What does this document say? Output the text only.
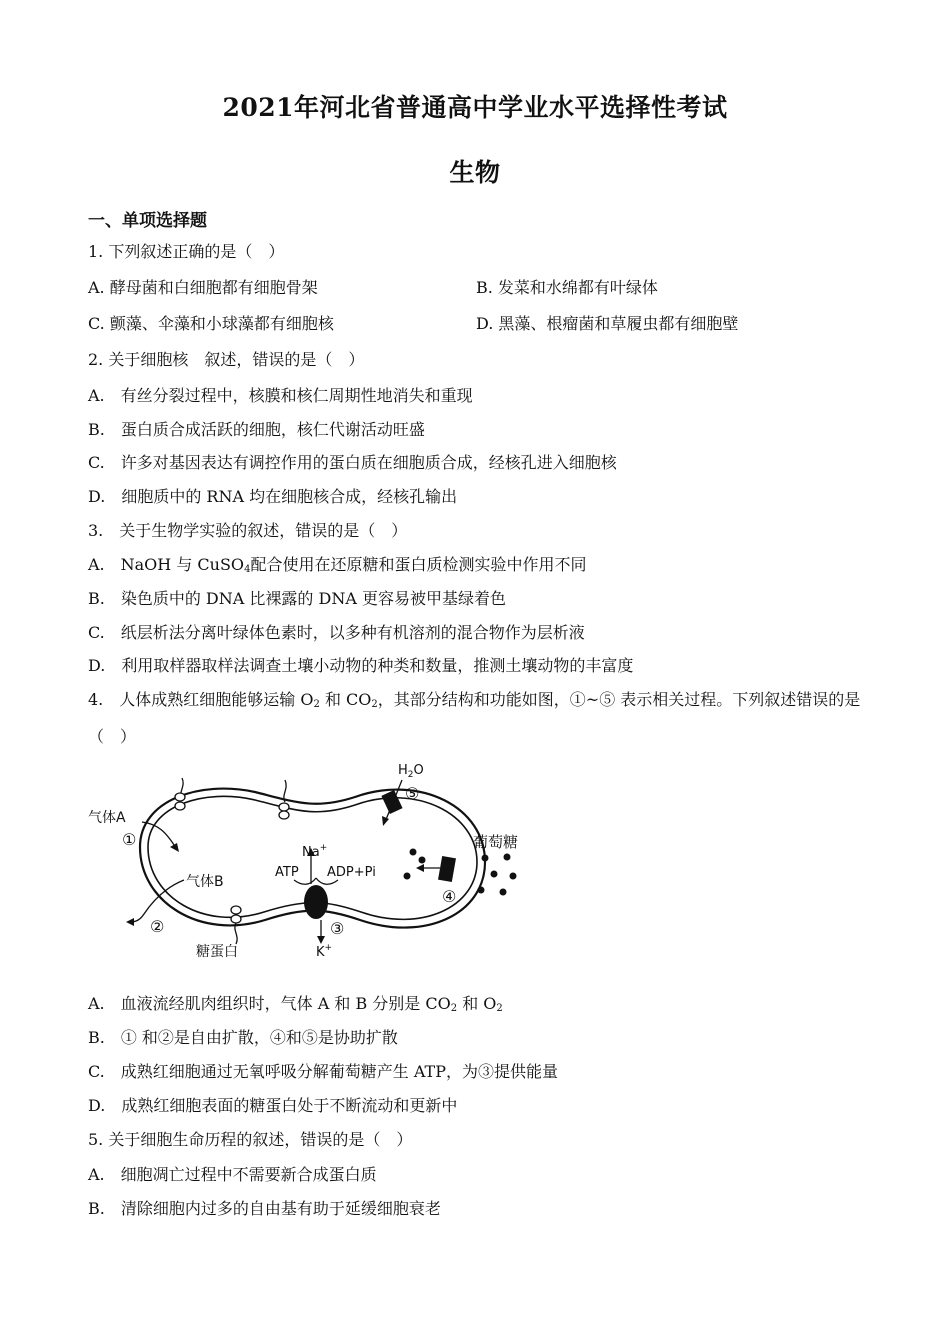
2021年河北省普通高中学业水平选择性考试
生物
一、单项选择题
1. 下列叙述正确的是（　）
A. 酵母菌和白细胞都有细胞骨架	B. 发菜和水绵都有叶绿体
C. 颤藻、伞藻和小球藻都有细胞核	D. 黑藻、根瘤菌和草履虫都有细胞壁
2. 关于细胞核　叙述，错误的是（　）
A.　有丝分裂过程中，核膜和核仁周期性地消失和重现
B.　蛋白质合成活跃的细胞，核仁代谢活动旺盛
C.　许多对基因表达有调控作用的蛋白质在细胞质合成，经核孔进入细胞核
D.　细胞质中的 RNA 均在细胞核合成，经核孔输出
3.　关于生物学实验的叙述，错误的是（　）
A.　NaOH 与 CuSO$_4$配合使用在还原糖和蛋白质检测实验中作用不同
B.　染色质中的 DNA 比裸露的 DNA 更容易被甲基绿着色
C.　纸层析法分离叶绿体色素时，以多种有机溶剂的混合物作为层析液
D.　利用取样器取样法调查土壤小动物的种类和数量，推测土壤动物的丰富度
4.　人体成熟红细胞能够运输 $O_2$ 和 $CO_2$，其部分结构和功能如图，①~⑤ 表示相关过程。下列叙述错误的是
（　）
$H_2O$
⑤
④
葡萄糖
Na+
K+
ATP ADP+Pi
③
气体A
①
气体B
②
糖蛋白
A.　血液流经肌肉组织时，气体 A 和 B 分别是 $CO_2$ 和 $O_2$
B.　① 和②是自由扩散，④和⑤是协助扩散
C.　成熟红细胞通过无氧呼吸分解葡萄糖产生 ATP，为③提供能量
D.　成熟红细胞表面的糖蛋白处于不断流动和更新中
5. 关于细胞生命历程的叙述，错误的是（　）
A.　细胞凋亡过程中不需要新合成蛋白质
B.　清除细胞内过多的自由基有助于延缓细胞衰老
